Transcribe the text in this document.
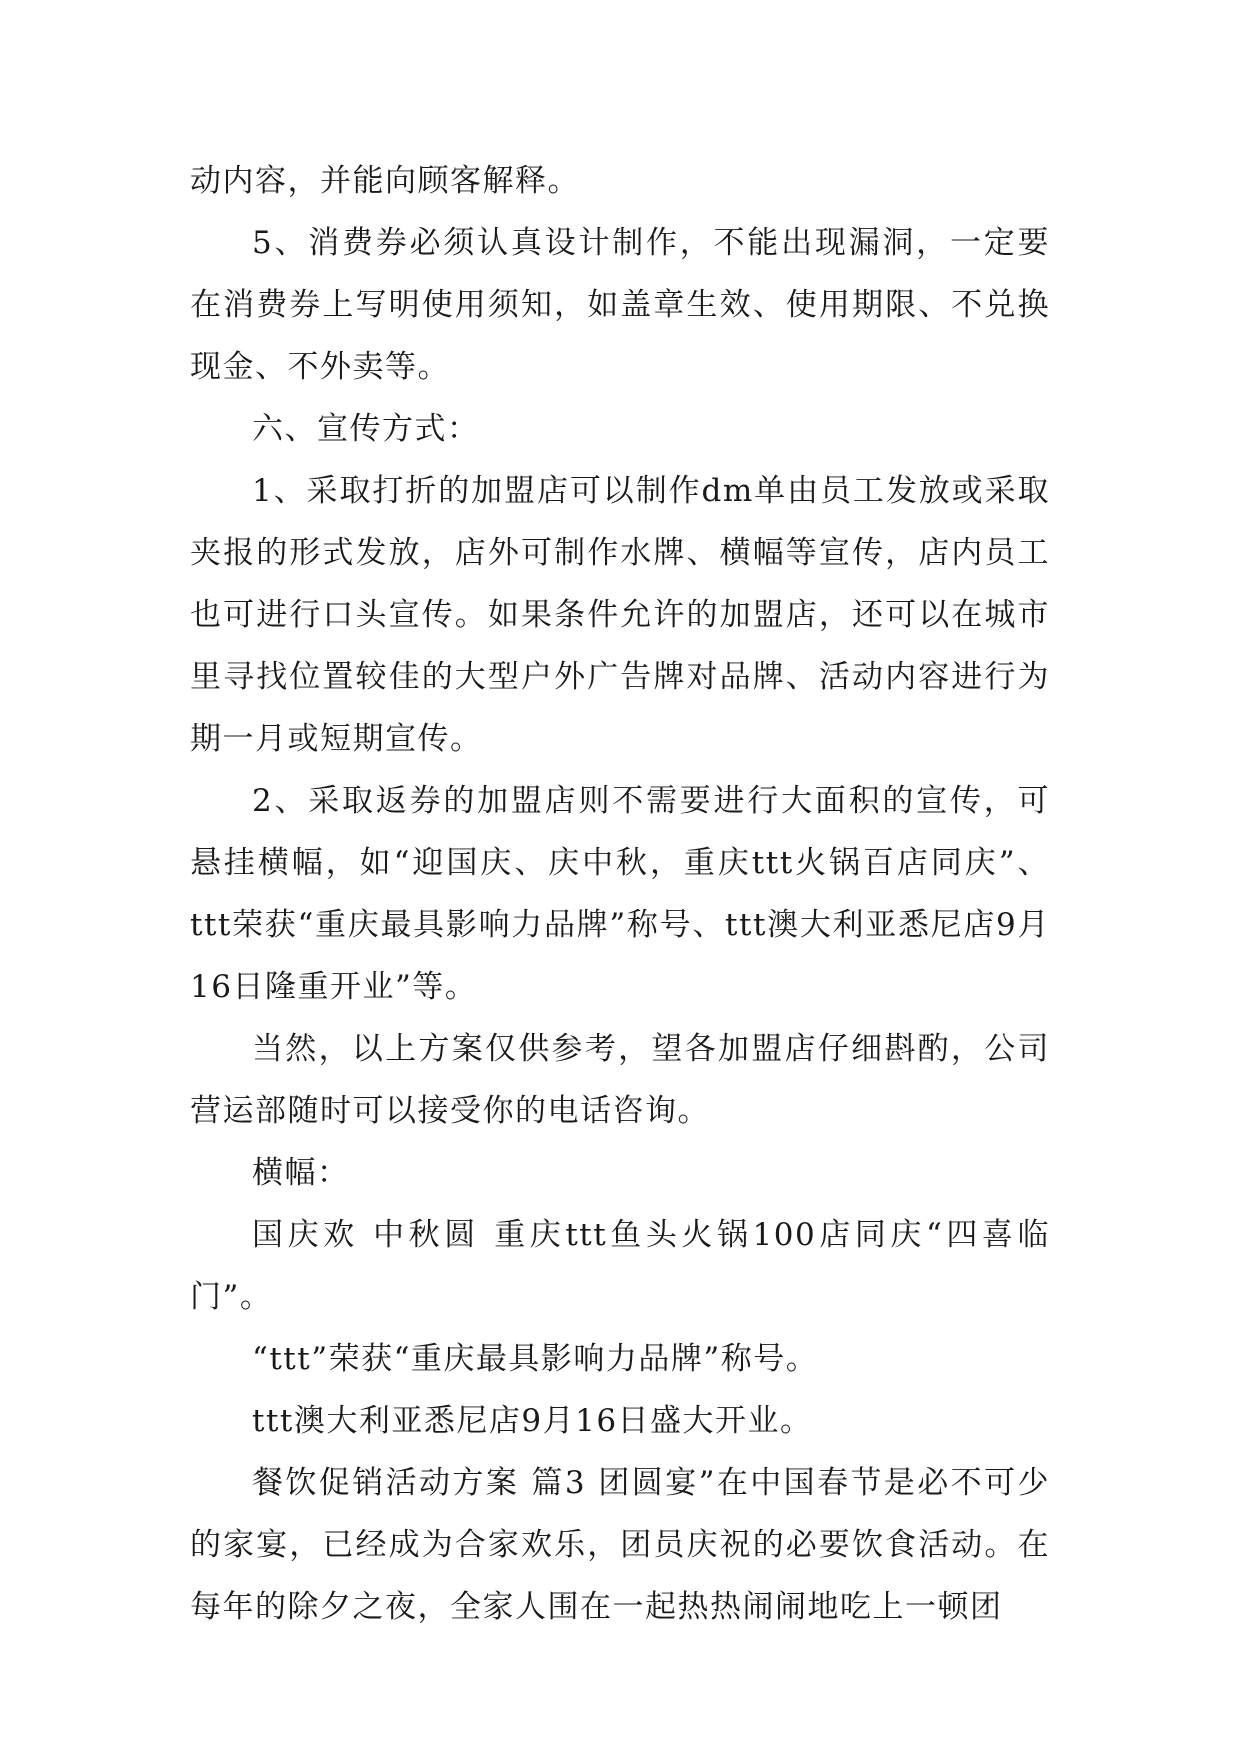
动内容，并能向顾客解释。

5、消费券必须认真设计制作，不能出现漏洞，一定要在消费券上写明使用须知，如盖章生效、使用期限、不兑换现金、不外卖等。

六、宣传方式：

1、采取打折的加盟店可以制作dm单由员工发放或采取夹报的形式发放，店外可制作水牌、横幅等宣传，店内员工也可进行口头宣传。如果条件允许的加盟店，还可以在城市里寻找位置较佳的大型户外广告牌对品牌、活动内容进行为期一月或短期宣传。

2、采取返券的加盟店则不需要进行大面积的宣传，可悬挂横幅，如“迎国庆、庆中秋，重庆ttt火锅百店同庆”、ttt荣获“重庆最具影响力品牌”称号、ttt澳大利亚悉尼店9月16日隆重开业”等。

当然，以上方案仅供参考，望各加盟店仔细斟酌，公司营运部随时可以接受你的电话咨询。

横幅：

国庆欢 中秋圆 重庆ttt鱼头火锅100店同庆“四喜临门”。

“ttt”荣获“重庆最具影响力品牌”称号。

ttt澳大利亚悉尼店9月16日盛大开业。

餐饮促销活动方案 篇3 团圆宴”在中国春节是必不可少的家宴，已经成为合家欢乐，团员庆祝的必要饮食活动。在每年的除夕之夜，全家人围在一起热热闹闹地吃上一顿团
